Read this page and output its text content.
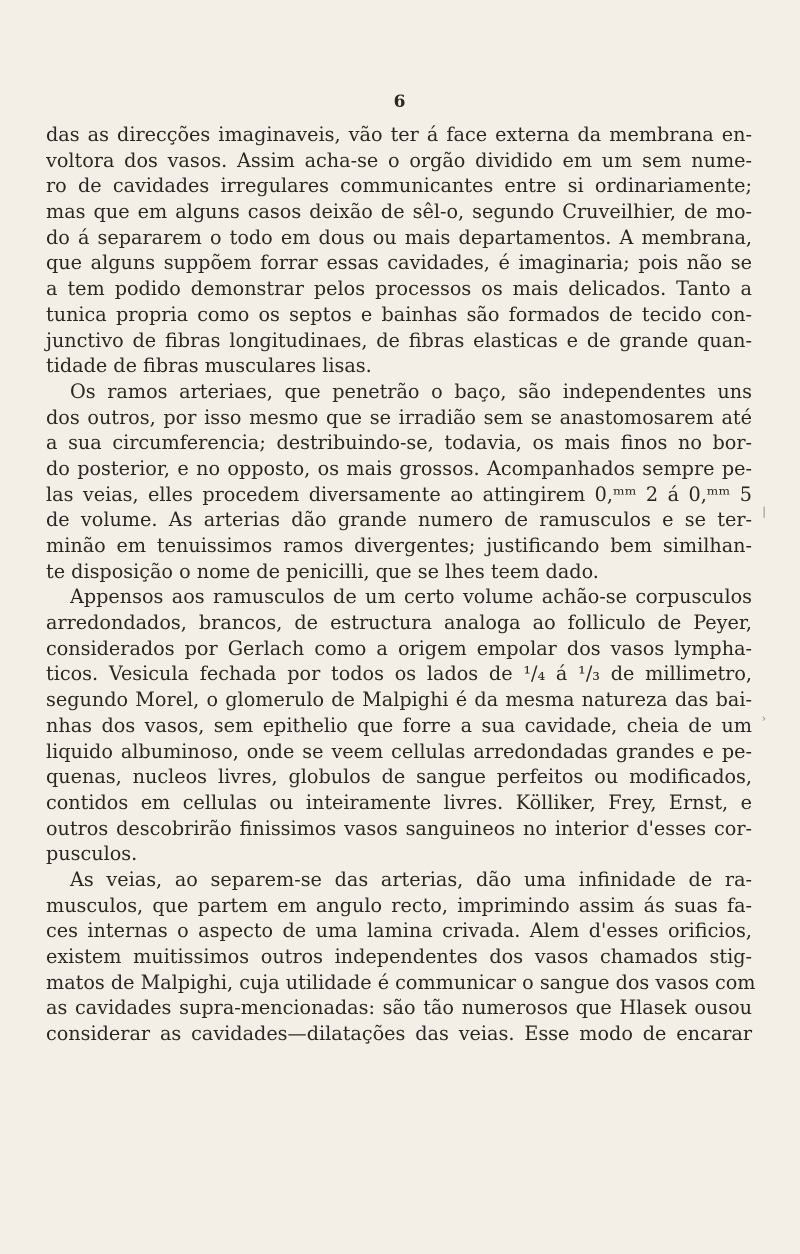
6
|
›
das as direcções imaginaveis, vão ter á face externa da membrana en-
voltora dos vasos. Assim acha-se o orgão dividido em um sem nume-
ro de cavidades irregulares communicantes entre si ordinariamente;
mas que em alguns casos deixão de sêl-o, segundo Cruveilhier, de mo-
do á separarem o todo em dous ou mais departamentos. A membrana,
que alguns suppõem forrar essas cavidades, é imaginaria; pois não se
a tem podido demonstrar pelos processos os mais delicados. Tanto a
tunica propria como os septos e bainhas são formados de tecido con-
junctivo de fibras longitudinaes, de fibras elasticas e de grande quan-
tidade de fibras musculares lisas.
Os ramos arteriaes, que penetrão o baço, são independentes uns
dos outros, por isso mesmo que se irradião sem se anastomosarem até
a sua circumferencia; destribuindo-se, todavia, os mais finos no bor-
do posterior, e no opposto, os mais grossos. Acompanhados sempre pe-
las veias, elles procedem diversamente ao attingirem 0,ᵐᵐ 2 á 0,ᵐᵐ 5
de volume. As arterias dão grande numero de ramusculos e se ter-
minão em tenuissimos ramos divergentes; justificando bem similhan-
te disposição o nome de penicilli, que se lhes teem dado.
Appensos aos ramusculos de um certo volume achão-se corpusculos
arredondados, brancos, de estructura analoga ao folliculo de Peyer,
considerados por Gerlach como a origem empolar dos vasos lympha-
ticos. Vesicula fechada por todos os lados de ¹/₄ á ¹/₃ de millimetro,
segundo Morel, o glomerulo de Malpighi é da mesma natureza das bai-
nhas dos vasos, sem epithelio que forre a sua cavidade, cheia de um
liquido albuminoso, onde se veem cellulas arredondadas grandes e pe-
quenas, nucleos livres, globulos de sangue perfeitos ou modificados,
contidos em cellulas ou inteiramente livres. Kölliker, Frey, Ernst, e
outros descobrirão finissimos vasos sanguineos no interior d'esses cor-
pusculos.
As veias, ao separem-se das arterias, dão uma infinidade de ra-
musculos, que partem em angulo recto, imprimindo assim ás suas fa-
ces internas o aspecto de uma lamina crivada. Alem d'esses orificios,
existem muitissimos outros independentes dos vasos chamados stig-
matos de Malpighi, cuja utilidade é communicar o sangue dos vasos com
as cavidades supra-mencionadas: são tão numerosos que Hlasek ousou
considerar as cavidades—dilatações das veias. Esse modo de encarar
